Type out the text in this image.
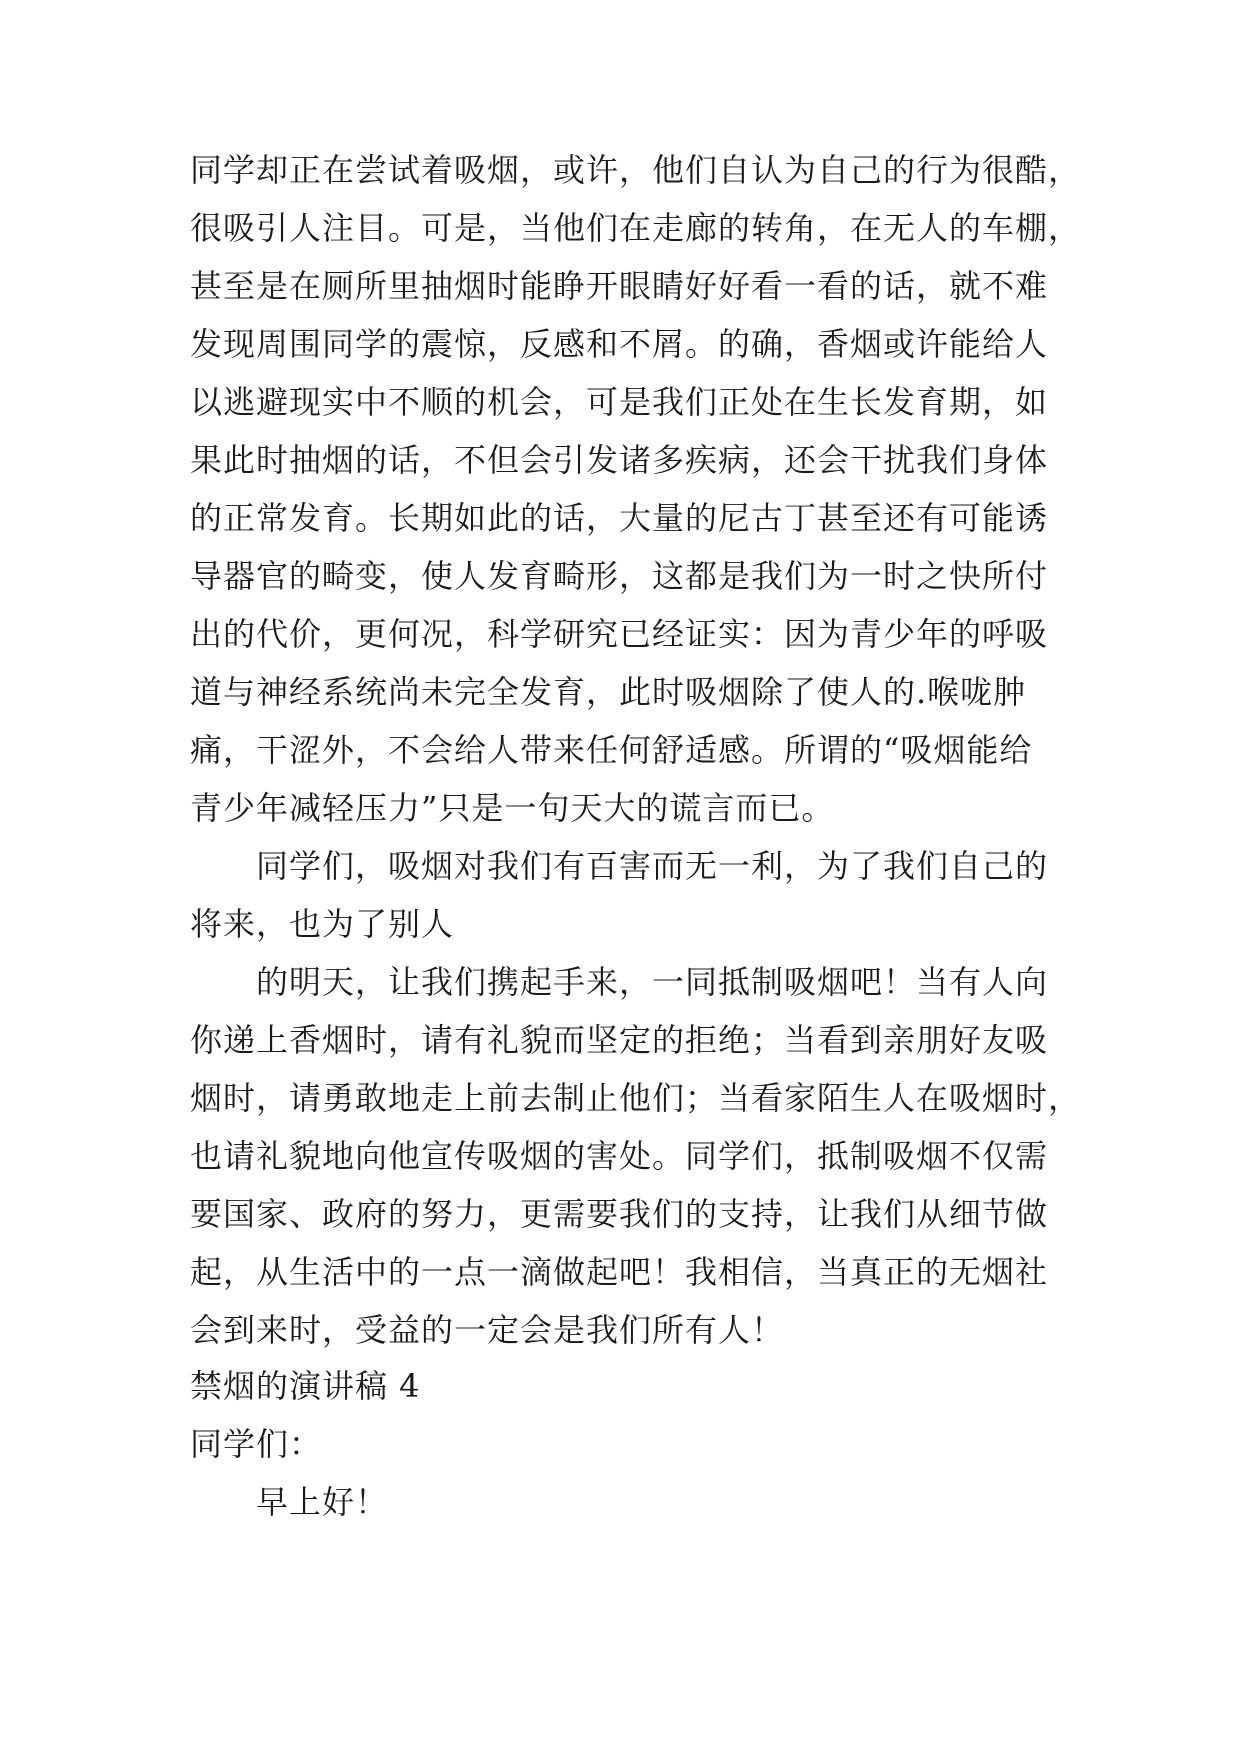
同学却正在尝试着吸烟，或许，他们自认为自己的行为很酷，
很吸引人注目。可是，当他们在走廊的转角，在无人的车棚，
甚至是在厕所里抽烟时能睁开眼睛好好看一看的话，就不难
发现周围同学的震惊，反感和不屑。的确，香烟或许能给人
以逃避现实中不顺的机会，可是我们正处在生长发育期，如
果此时抽烟的话，不但会引发诸多疾病，还会干扰我们身体
的正常发育。长期如此的话，大量的尼古丁甚至还有可能诱
导器官的畸变，使人发育畸形，这都是我们为一时之快所付
出的代价，更何况，科学研究已经证实：因为青少年的呼吸
道与神经系统尚未完全发育，此时吸烟除了使人的.喉咙肿
痛，干涩外，不会给人带来任何舒适感。所谓的“吸烟能给
青少年减轻压力”只是一句天大的谎言而已。
同学们，吸烟对我们有百害而无一利，为了我们自己的
将来，也为了别人
的明天，让我们携起手来，一同抵制吸烟吧！当有人向
你递上香烟时，请有礼貌而坚定的拒绝；当看到亲朋好友吸
烟时，请勇敢地走上前去制止他们；当看家陌生人在吸烟时，
也请礼貌地向他宣传吸烟的害处。同学们，抵制吸烟不仅需
要国家、政府的努力，更需要我们的支持，让我们从细节做
起，从生活中的一点一滴做起吧！我相信，当真正的无烟社
会到来时，受益的一定会是我们所有人！
禁烟的演讲稿 4
同学们：
早上好！
